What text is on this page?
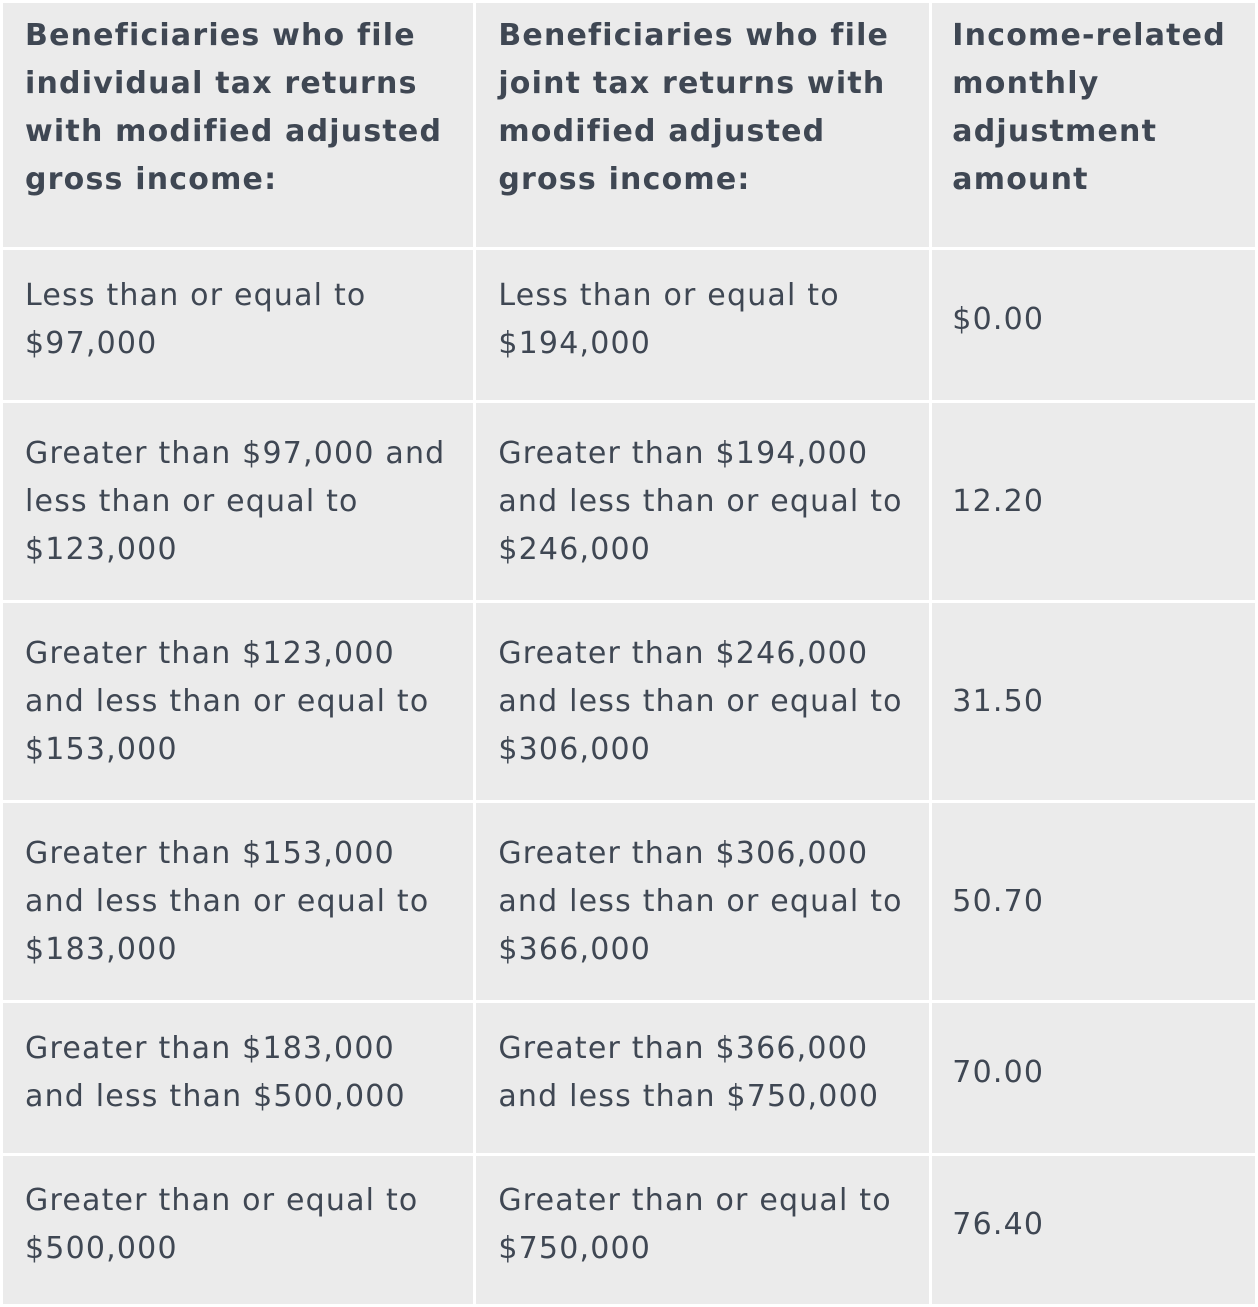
Beneficiaries who file individual tax returns with modified adjusted gross income:	Beneficiaries who file joint tax returns with modified adjusted gross income:	Income-related monthly adjustment amount
Less than or equal to $97,000	Less than or equal to $194,000	$0.00
Greater than $97,000 and less than or equal to $123,000	Greater than $194,000 and less than or equal to $246,000	12.20
Greater than $123,000 and less than or equal to $153,000	Greater than $246,000 and less than or equal to $306,000	31.50
Greater than $153,000 and less than or equal to $183,000	Greater than $306,000 and less than or equal to $366,000	50.70
Greater than $183,000 and less than $500,000	Greater than $366,000 and less than $750,000	70.00
Greater than or equal to $500,000	Greater than or equal to $750,000	76.40
